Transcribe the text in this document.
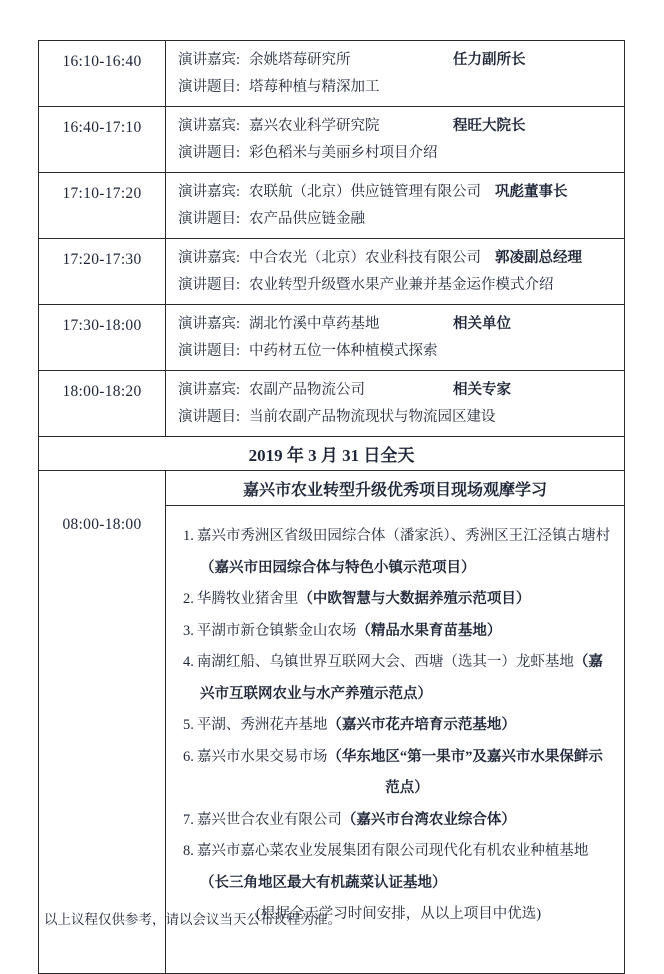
16:10-16:40	演讲嘉宾: 余姚塔莓研究所 任力副所长
演讲题目: 塔莓种植与精深加工

16:40-17:10	演讲嘉宾: 嘉兴农业科学研究院 程旺大院长
演讲题目: 彩色稻米与美丽乡村项目介绍

17:10-17:20	演讲嘉宾: 农联航（北京）供应链管理有限公司 巩彪董事长
演讲题目: 农产品供应链金融

17:20-17:30	演讲嘉宾: 中合农光（北京）农业科技有限公司 郭凌副总经理
演讲题目: 农业转型升级暨水果产业兼并基金运作模式介绍

17:30-18:00	演讲嘉宾: 湖北竹溪中草药基地 相关单位
演讲题目: 中药材五位一体种植模式探索

18:00-18:20	演讲嘉宾: 农副产品物流公司 相关专家
演讲题目: 当前农副产品物流现状与物流园区建设

2019 年 3 月 31 日全天	
08:00-18:00	嘉兴市农业转型升级优秀项目现场观摩学习

1. 嘉兴市秀洲区省级田园综合体（潘家浜）、秀洲区王江泾镇古塘村（嘉兴市田园综合体与特色小镇示范项目）
2. 华腾牧业猪舍里（中欧智慧与大数据养殖示范项目）
3. 平湖市新仓镇紫金山农场（精品水果育苗基地）
4. 南湖红船、乌镇世界互联网大会、西塘（选其一）龙虾基地（嘉兴市互联网农业与水产养殖示范点）
5. 平湖、秀洲花卉基地（嘉兴市花卉培育示范基地）
6. 嘉兴市水果交易市场（华东地区“第一果市”及嘉兴市水果保鲜示范点）
7. 嘉兴世合农业有限公司（嘉兴市台湾农业综合体）
8. 嘉兴市嘉心菜农业发展集团有限公司现代化有机农业种植基地（长三角地区最大有机蔬菜认证基地）
(根据全天学习时间安排，从以上项目中优选)
以上议程仅供参考，请以会议当天公布议程为准。
